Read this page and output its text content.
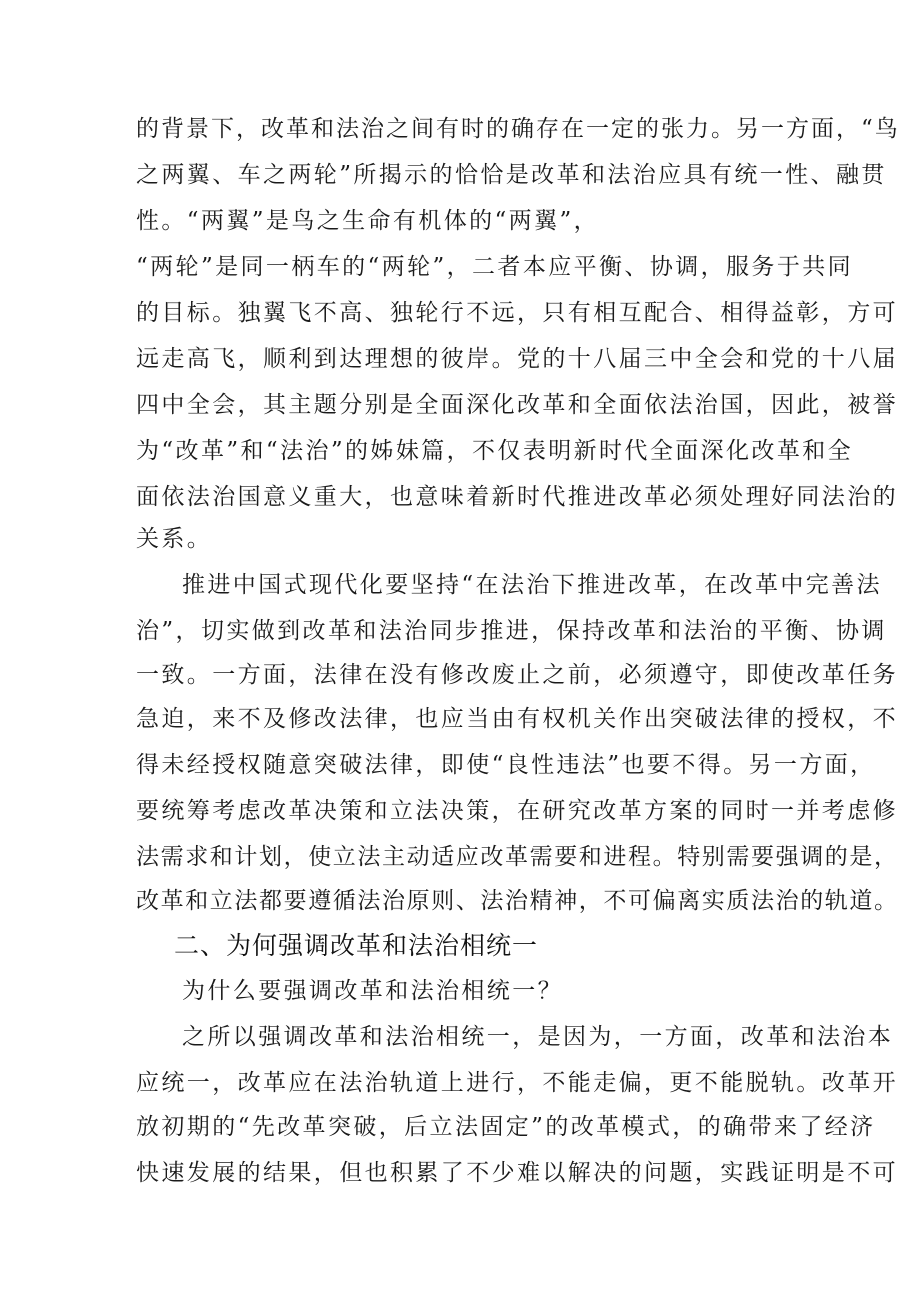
的背景下，改革和法治之间有时的确存在一定的张力。另一方面，“鸟
之两翼、车之两轮”所揭示的恰恰是改革和法治应具有统一性、融贯
性。“两翼”是鸟之生命有机体的“两翼”，
“两轮”是同一柄车的“两轮”，二者本应平衡、协调，服务于共同
的目标。独翼飞不高、独轮行不远，只有相互配合、相得益彰，方可
远走高飞，顺利到达理想的彼岸。党的十八届三中全会和党的十八届
四中全会，其主题分别是全面深化改革和全面依法治国，因此，被誉
为“改革”和“法治”的姊妹篇，不仅表明新时代全面深化改革和全
面依法治国意义重大，也意味着新时代推进改革必须处理好同法治的
关系。
推进中国式现代化要坚持“在法治下推进改革，在改革中完善法
治”，切实做到改革和法治同步推进，保持改革和法治的平衡、协调
一致。一方面，法律在没有修改废止之前，必须遵守，即使改革任务
急迫，来不及修改法律，也应当由有权机关作出突破法律的授权，不
得未经授权随意突破法律，即使“良性违法”也要不得。另一方面，
要统筹考虑改革决策和立法决策，在研究改革方案的同时一并考虑修
法需求和计划，使立法主动适应改革需要和进程。特别需要强调的是，
改革和立法都要遵循法治原则、法治精神，不可偏离实质法治的轨道。
二、为何强调改革和法治相统一
为什么要强调改革和法治相统一？
之所以强调改革和法治相统一，是因为，一方面，改革和法治本
应统一，改革应在法治轨道上进行，不能走偏，更不能脱轨。改革开
放初期的“先改革突破，后立法固定”的改革模式，的确带来了经济
快速发展的结果，但也积累了不少难以解决的问题，实践证明是不可
